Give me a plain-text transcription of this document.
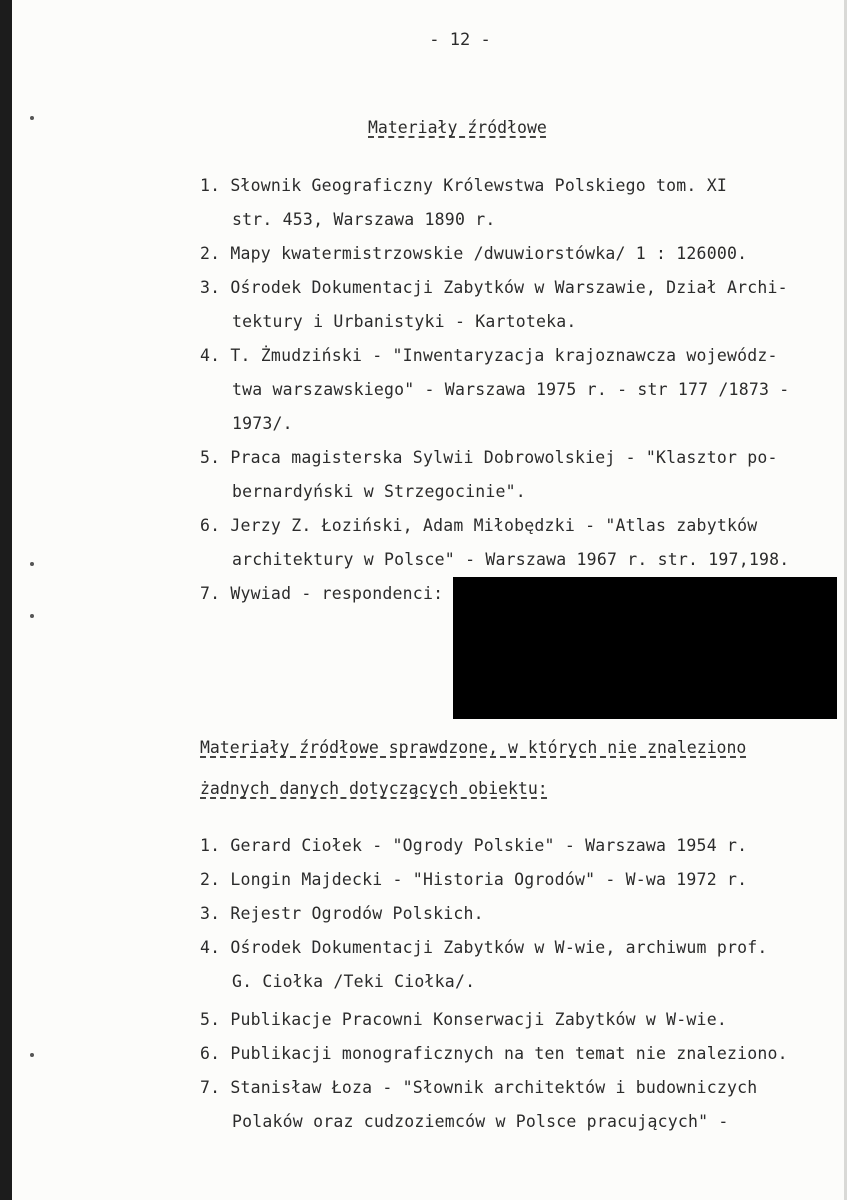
- 12 -
Materiały źródłowe
1. Słownik Geograficzny Królewstwa Polskiego tom. XI
str. 453, Warszawa 1890 r.
2. Mapy kwatermistrzowskie /dwuwiorstówka/ 1 : 126000.
3. Ośrodek Dokumentacji Zabytków w Warszawie, Dział Archi-
tektury i Urbanistyki - Kartoteka.
4. T. Żmudziński - "Inwentaryzacja krajoznawcza wojewódz-
twa warszawskiego" - Warszawa 1975 r. - str 177 /1873 -
1973/.
5. Praca magisterska Sylwii Dobrowolskiej - "Klasztor po-
bernardyński w Strzegocinie".
6. Jerzy Z. Łoziński, Adam Miłobędzki - "Atlas zabytków
architektury w Polsce" - Warszawa 1967 r. str. 197,198.
7. Wywiad - respondenci:
Materiały źródłowe sprawdzone, w których nie znaleziono
żadnych danych dotyczących obiektu:
1. Gerard Ciołek - "Ogrody Polskie" - Warszawa 1954 r.
2. Longin Majdecki - "Historia Ogrodów" - W-wa 1972 r.
3. Rejestr Ogrodów Polskich.
4. Ośrodek Dokumentacji Zabytków w W-wie, archiwum prof.
G. Ciołka /Teki Ciołka/.
5. Publikacje Pracowni Konserwacji Zabytków w W-wie.
6. Publikacji monograficznych na ten temat nie znaleziono.
7. Stanisław Łoza - "Słownik architektów i budowniczych
Polaków oraz cudzoziemców w Polsce pracujących" -
